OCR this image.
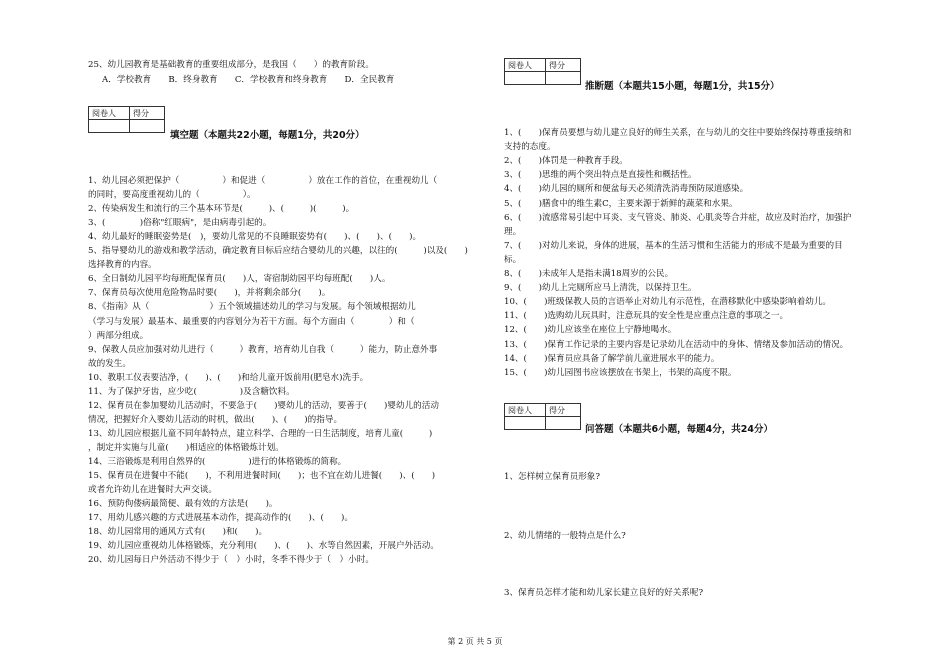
25、幼儿园教育是基础教育的重要组成部分，是我国（　　）的教育阶段。
A．学校教育　　B．终身教育　　C．学校教育和终身教育　　D．全民教育
阅卷人	得分

填空题（本题共22小题，每题1分，共20分）
1、幼儿园必须把保护（　　　　　）和促进（　　　　　）放在工作的首位，在重视幼儿（　　　
的同时，要高度重视幼儿的（　　　　　）。
2、传染病发生和流行的三个基本环节是(　　　)、(　　　)(　　　)。
3、(　　　　)俗称"红眼病"，是由病毒引起的。
4、幼儿最好的睡眠姿势是(　)，要幼儿常见的不良睡眠姿势有(　　)、(　　)、(　　)。
5、指导婴幼儿的游戏和教学活动，确定教育目标后应结合婴幼儿的兴趣，以往的(　　　)以及(　　)
选择教育的内容。
6、全日制幼儿园平均每班配保育员(　　)人，寄宿制幼园平均每班配(　　)人。
7、保育员每次使用危险物品时要(　　)，并将剩余部分(　　)。
8、《指南》从（　　　　　　　）五个领域描述幼儿的学习与发展。每个领域根据幼儿
（学习与发展）最基本、最重要的内容划分为若干方面。每个方面由（　　　　）和（　　　
）两部分组成。
9、保教人员应加强对幼儿进行（　　　）教育，培育幼儿自我（　　　）能力，防止意外事
故的发生。
10、教职工仪表要洁净，(　　)、(　　)和给儿童开饭前用(肥皂水)洗手。
11、为了保护牙齿，应少吃(　　　　　)及含糖饮料。
12、保育员在参加婴幼儿活动时，不要急于(　　)婴幼儿的活动，要善于(　　)婴幼儿的活动
情况，把握好介入婴幼儿活动的时机，做出(　　)、(　　)的指导。
13、幼儿园应根据儿童不同年龄特点，建立科学、合理的一日生活制度，培育儿童(　　　)
，制定并实施与儿童(　　)相适应的体格锻炼计划。
14、三浴锻炼是利用自然界的(　　　　　)进行的体格锻炼的简称。
15、保育员在进餐中不能(　　)，不利用进餐时间(　　)；也不宜在幼儿进餐(　　)、(　　)
或者允许幼儿在进餐时大声交谈。
16、预防佝偻病最简便、最有效的方法是(　　)。
17、用幼儿感兴趣的方式进展基本动作，提高动作的(　　)、(　　)。
18、幼儿园常用的通风方式有(　　)和(　　)。
19、幼儿园应重视幼儿体格锻炼，充分利用(　　)、(　　)、水等自然因素，开展户外活动。
20、幼儿园每日户外活动不得少于（　）小时，冬季不得少于（　）小时。
阅卷人	得分

推断题（本题共15小题，每题1分，共15分）
1、(　　)保育员要想与幼儿建立良好的师生关系，在与幼儿的交往中要始终保持尊重接纳和
支持的态度。
2、(　　)体罚是一种教育手段。
3、(　　)思维的两个突出特点是直接性和概括性。
4、(　　)幼儿园的厕所和便盆每天必须清洗消毒预防尿道感染。
5、(　　)膳食中的维生素C，主要来源于新鲜的蔬菜和水果。
6、(　　)流感常易引起中耳炎、支气管炎、肺炎、心肌炎等合并症，故应及时治疗，加强护
理。
7、(　　)对幼儿来说，身体的进展，基本的生活习惯和生活能力的形成不是最为重要的目
标。
8、(　　)未成年人是指未满18周岁的公民。
9、(　　)幼儿上完厕所应马上清洗，以保持卫生。
10、(　　)班级保教人员的言语举止对幼儿有示范性，在潜移默化中感染影响着幼儿。
11、(　　)选购幼儿玩具时，注意玩具的安全性是应重点注意的事项之一。
12、(　　)幼儿应该坐在座位上宁静地喝水。
13、(　　)保育工作记录的主要内容是记录幼儿在活动中的身体、情绪及参加活动的情况。
14、(　　)保育员应具备了解学前儿童进展水平的能力。
15、(　　)幼儿园图书应该摆放在书架上，书架的高度不限。
阅卷人	得分

问答题（本题共6小题，每题4分，共24分）
1、怎样树立保育员形象?
2、幼儿情绪的一般特点是什么?
3、保育员怎样才能和幼儿家长建立良好的好关系呢?
第 2 页 共 5 页
